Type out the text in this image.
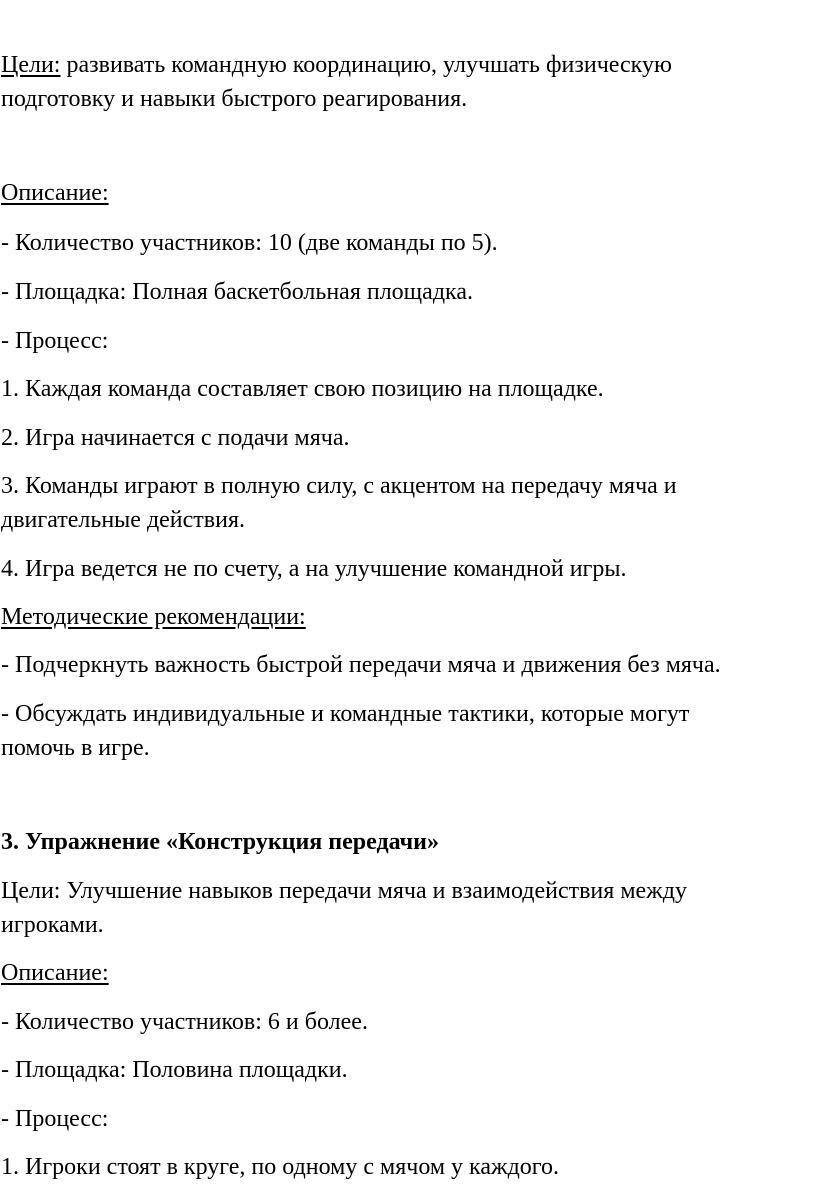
Цели: развивать командную координацию, улучшать физическую

подготовку и навыки быстрого реагирования.

Описание:

- Количество участников: 10 (две команды по 5).

- Площадка: Полная баскетбольная площадка.

- Процесс:

1. Каждая команда составляет свою позицию на площадке.

2. Игра начинается с подачи мяча.

3. Команды играют в полную силу, с акцентом на передачу мяча и

двигательные действия.

4. Игра ведется не по счету, а на улучшение командной игры.

Методические рекомендации:

- Подчеркнуть важность быстрой передачи мяча и движения без мяча.

- Обсуждать индивидуальные и командные тактики, которые могут

помочь в игре.

3. Упражнение «Конструкция передачи»

Цели: Улучшение навыков передачи мяча и взаимодействия между

игроками.

Описание:

- Количество участников: 6 и более.

- Площадка: Половина площадки.

- Процесс:

1. Игроки стоят в круге, по одному с мячом у каждого.
